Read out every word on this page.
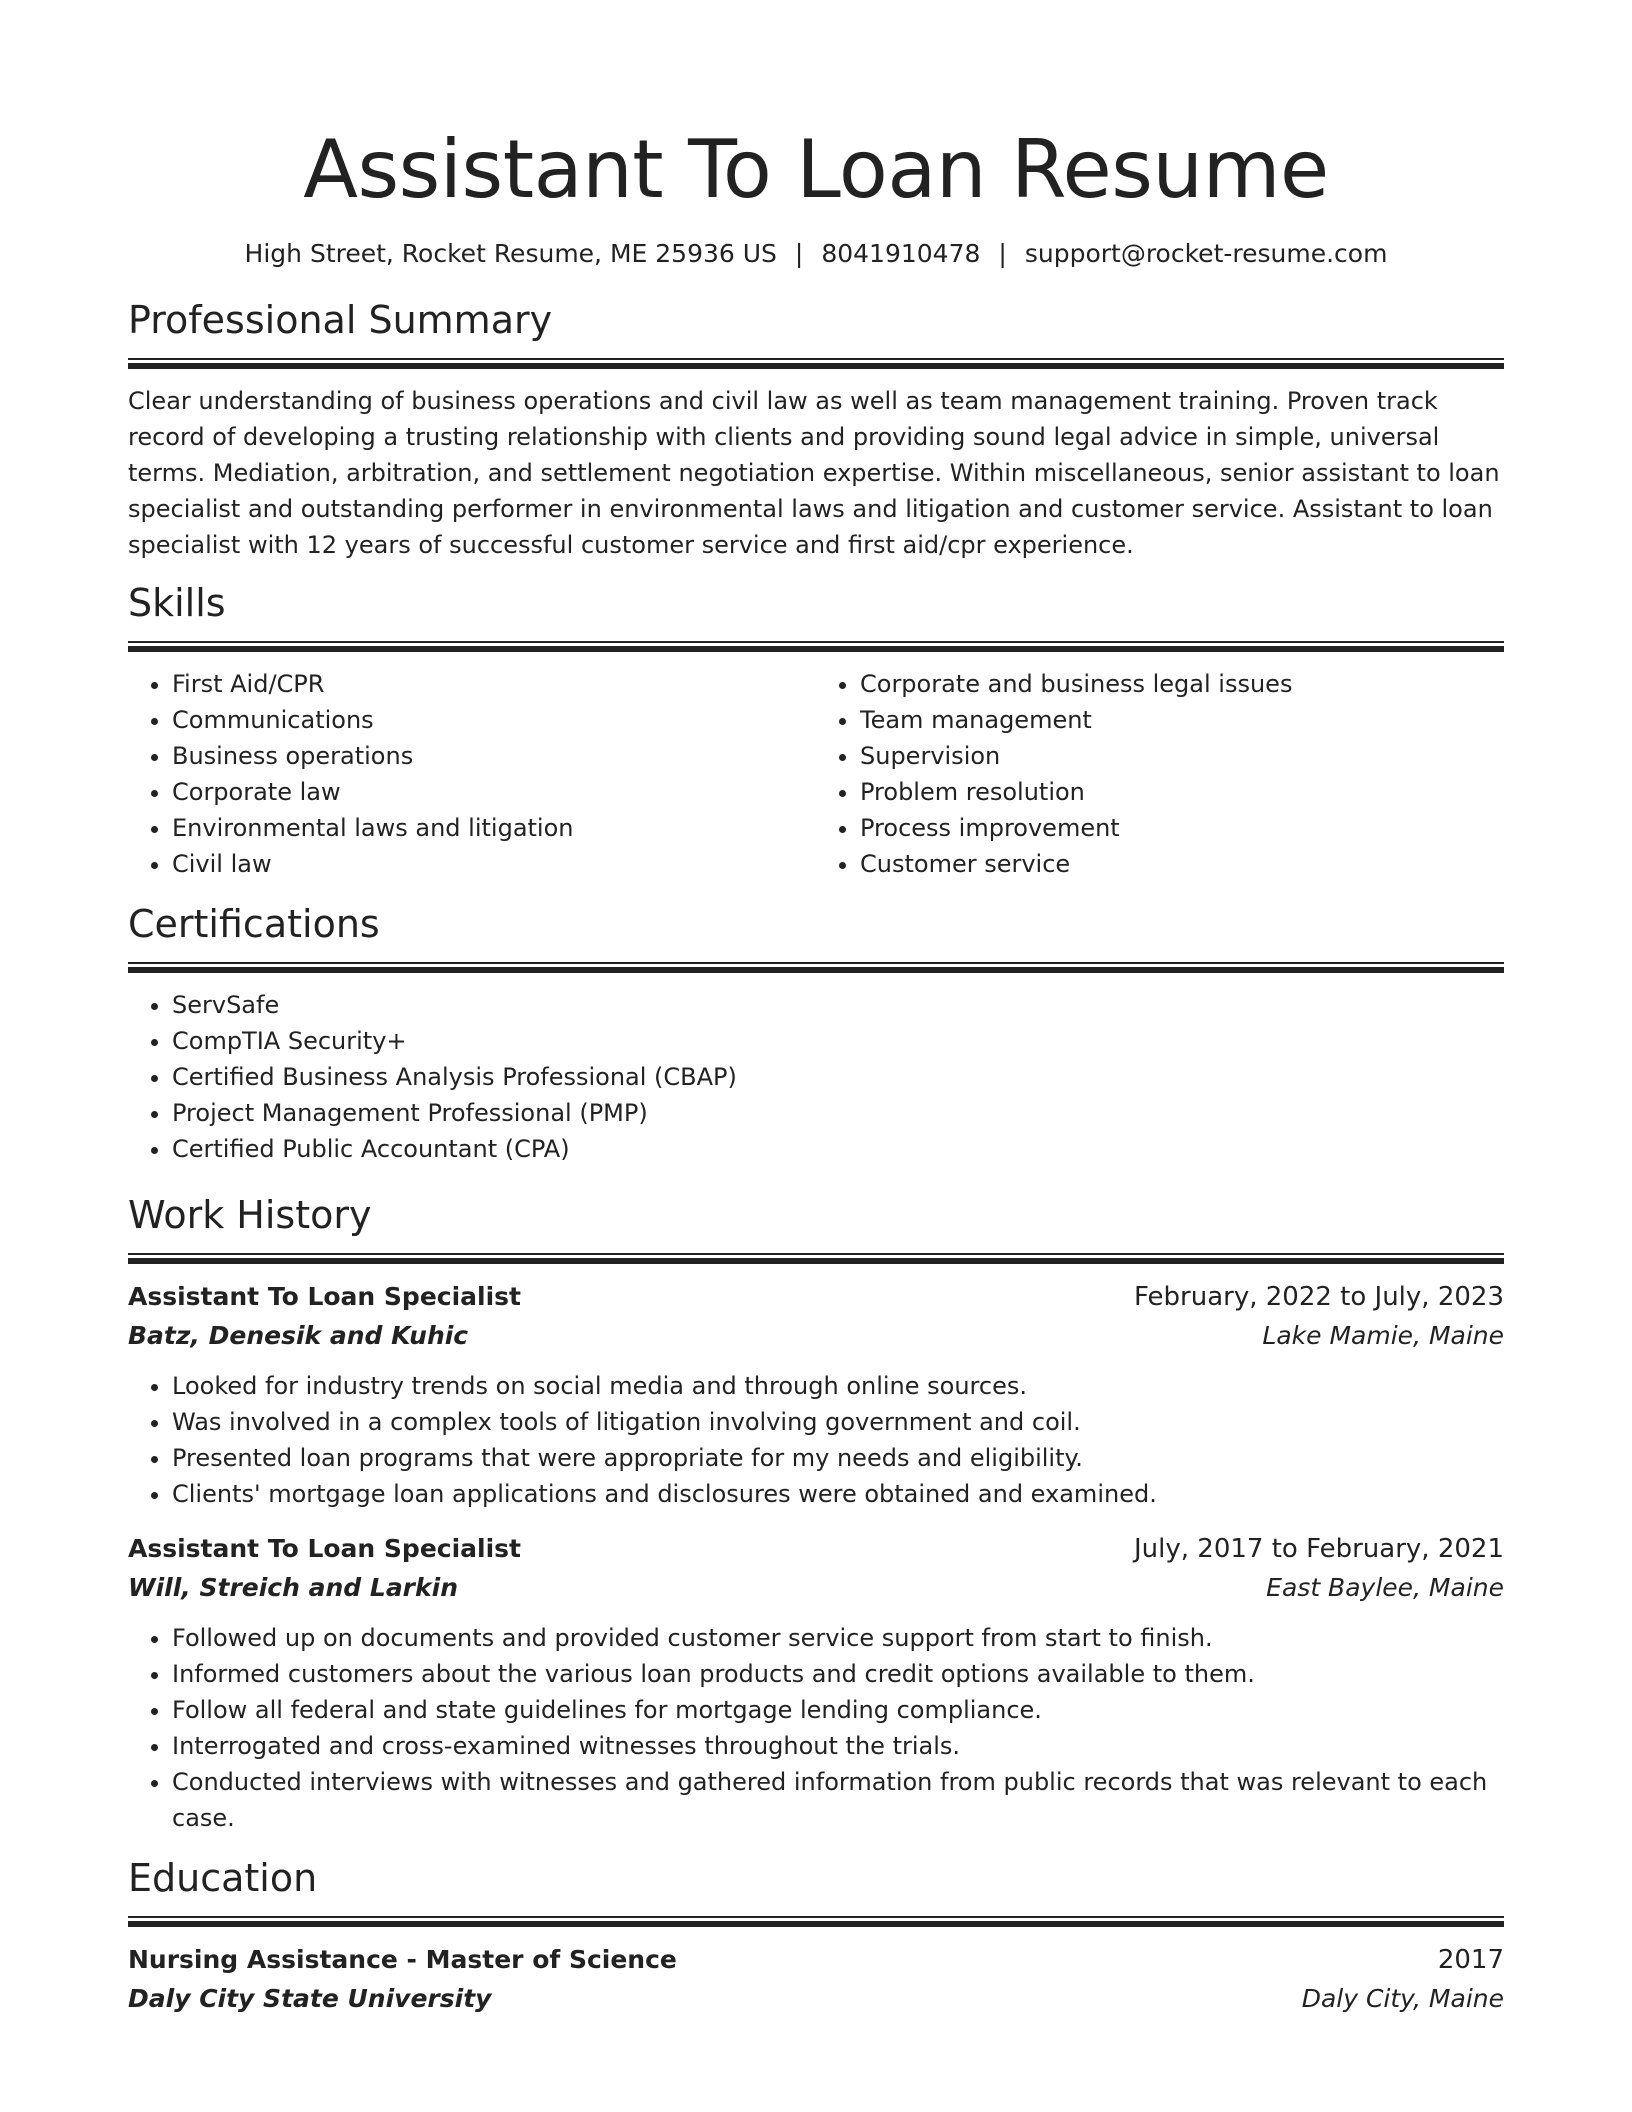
Assistant To Loan Resume
High Street, Rocket Resume, ME 25936 US | 8041910478 | support@rocket-resume.com
Professional Summary

Clear understanding of business operations and civil law as well as team management training. Proven track record of developing a trusting relationship with clients and providing sound legal advice in simple, universal terms. Mediation, arbitration, and settlement negotiation expertise. Within miscellaneous, senior assistant to loan specialist and outstanding performer in environmental laws and litigation and customer service. Assistant to loan specialist with 12 years of successful customer service and first aid/cpr experience.

Skills
• First Aid/CPR
• Communications
• Business operations
• Corporate law
• Environmental laws and litigation
• Civil law
• Corporate and business legal issues
• Team management
• Supervision
• Problem resolution
• Process improvement
• Customer service
Certifications
• ServSafe
• CompTIA Security+
• Certified Business Analysis Professional (CBAP)
• Project Management Professional (PMP)
• Certified Public Accountant (CPA)
Work History
Assistant To Loan Specialist	February, 2022 to July, 2023
Batz, Denesik and Kuhic	Lake Mamie, Maine
• Looked for industry trends on social media and through online sources.
• Was involved in a complex tools of litigation involving government and coil.
• Presented loan programs that were appropriate for my needs and eligibility.
• Clients' mortgage loan applications and disclosures were obtained and examined.
Assistant To Loan Specialist	July, 2017 to February, 2021
Will, Streich and Larkin	East Baylee, Maine
• Followed up on documents and provided customer service support from start to finish.
• Informed customers about the various loan products and credit options available to them.
• Follow all federal and state guidelines for mortgage lending compliance.
• Interrogated and cross-examined witnesses throughout the trials.
• Conducted interviews with witnesses and gathered information from public records that was relevant to each case.
Education
Nursing Assistance - Master of Science	2017
Daly City State University	Daly City, Maine
